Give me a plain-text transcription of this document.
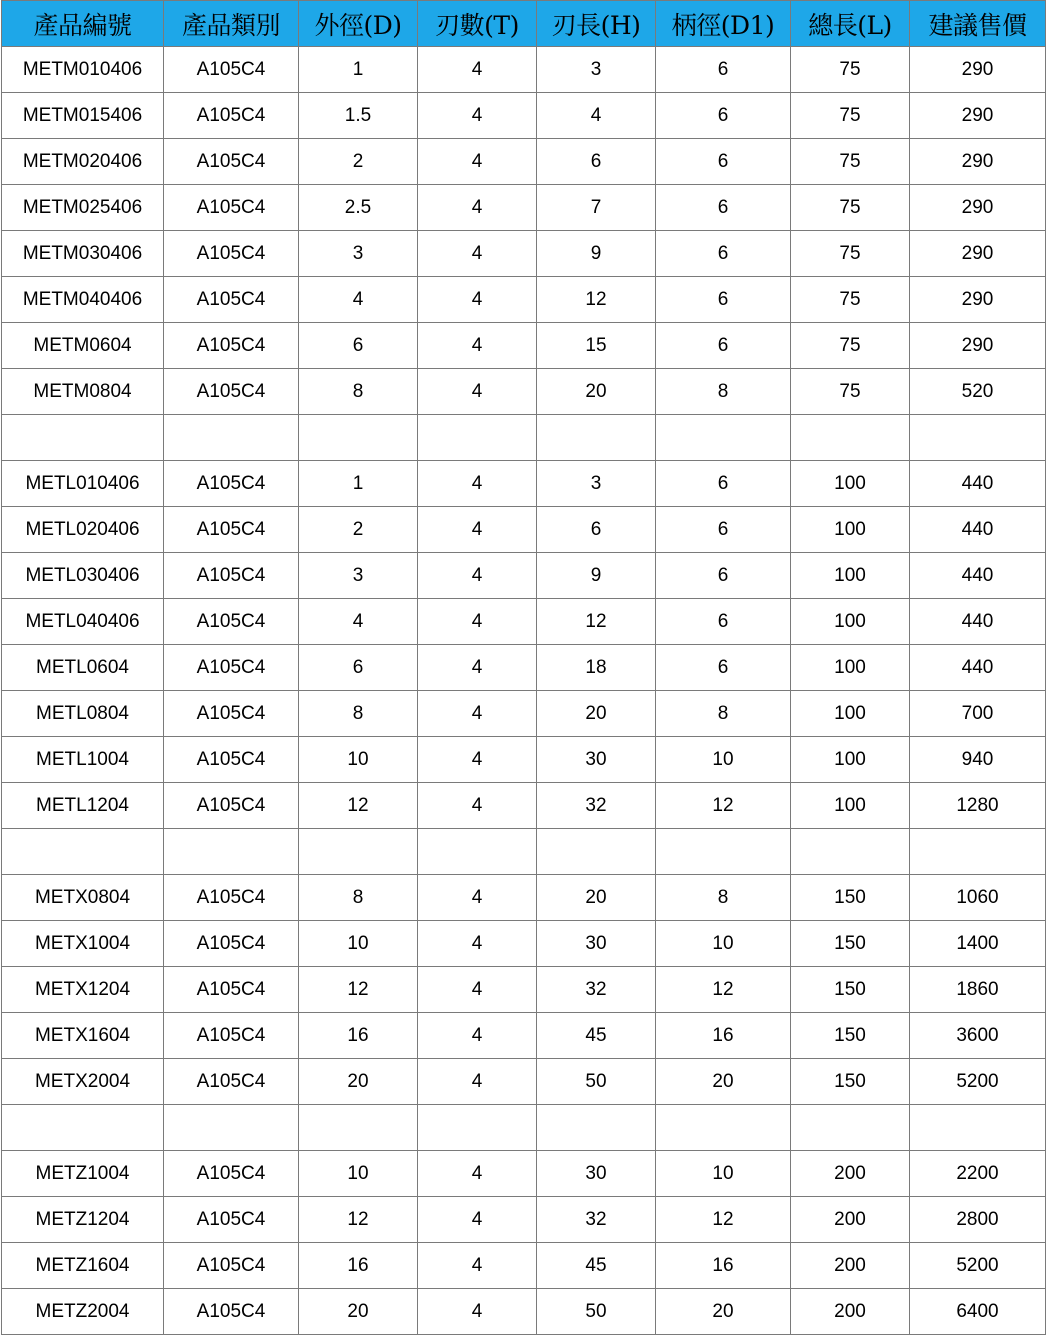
產品編號	產品類別	外徑(D)	刃數(T)	刃長(H)	柄徑(D1)	總長(L)	建議售價
METM010406	A105C4	1	4	3	6	75	290
METM015406	A105C4	1.5	4	4	6	75	290
METM020406	A105C4	2	4	6	6	75	290
METM025406	A105C4	2.5	4	7	6	75	290
METM030406	A105C4	3	4	9	6	75	290
METM040406	A105C4	4	4	12	6	75	290
METM0604	A105C4	6	4	15	6	75	290
METM0804	A105C4	8	4	20	8	75	520

METL010406	A105C4	1	4	3	6	100	440
METL020406	A105C4	2	4	6	6	100	440
METL030406	A105C4	3	4	9	6	100	440
METL040406	A105C4	4	4	12	6	100	440
METL0604	A105C4	6	4	18	6	100	440
METL0804	A105C4	8	4	20	8	100	700
METL1004	A105C4	10	4	30	10	100	940
METL1204	A105C4	12	4	32	12	100	1280

METX0804	A105C4	8	4	20	8	150	1060
METX1004	A105C4	10	4	30	10	150	1400
METX1204	A105C4	12	4	32	12	150	1860
METX1604	A105C4	16	4	45	16	150	3600
METX2004	A105C4	20	4	50	20	150	5200

METZ1004	A105C4	10	4	30	10	200	2200
METZ1204	A105C4	12	4	32	12	200	2800
METZ1604	A105C4	16	4	45	16	200	5200
METZ2004	A105C4	20	4	50	20	200	6400
